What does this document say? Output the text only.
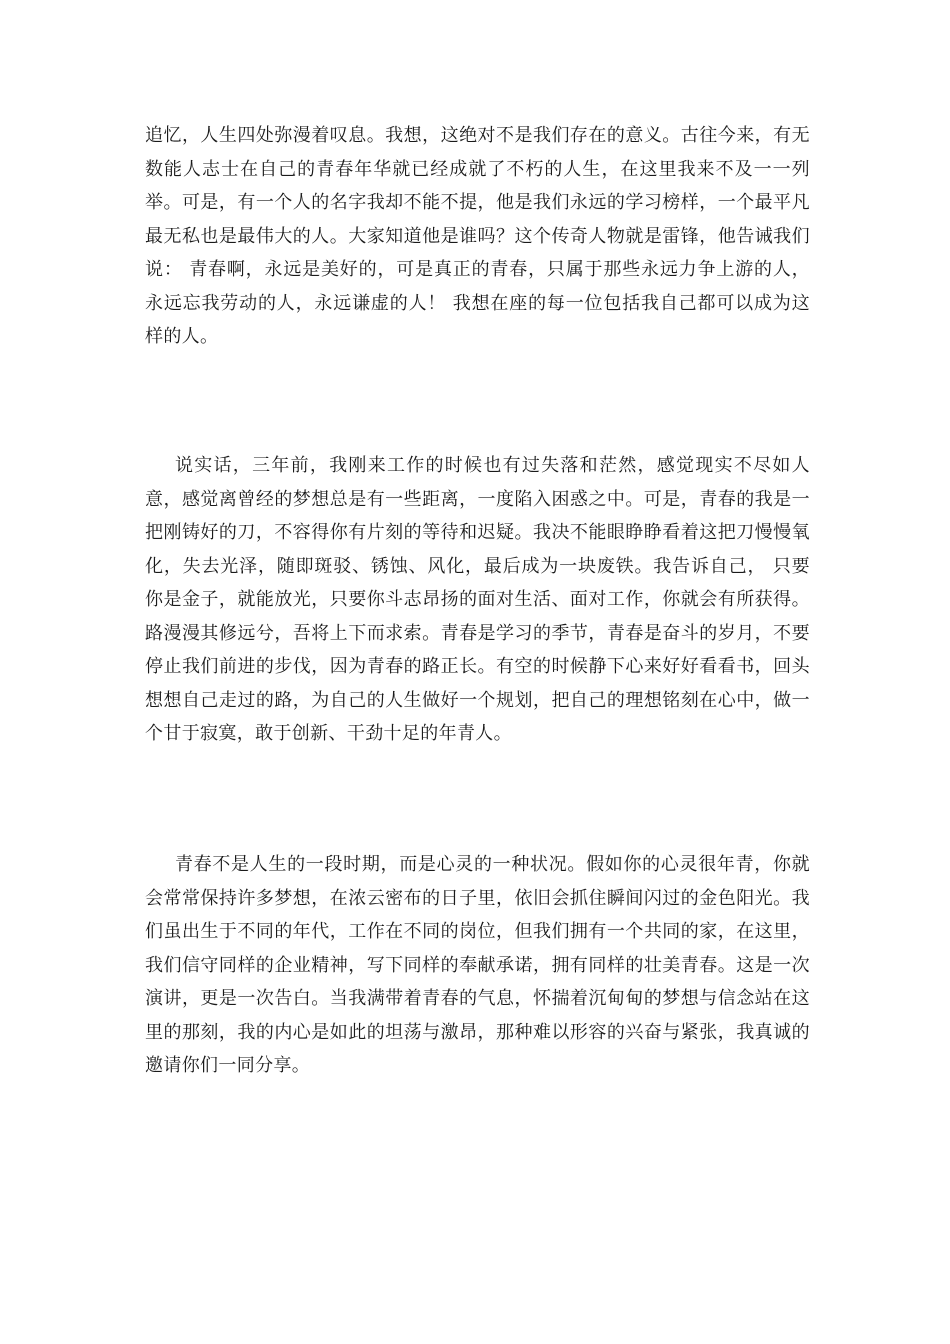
追忆，人生四处弥漫着叹息。我想，这绝对不是我们存在的意义。古往今来，有无数能人志士在自己的青春年华就已经成就了不朽的人生，在这里我来不及一一列举。可是，有一个人的名字我却不能不提，他是我们永远的学习榜样，一个最平凡最无私也是最伟大的人。大家知道他是谁吗？这个传奇人物就是雷锋，他告诫我们说： 青春啊，永远是美好的，可是真正的青春，只属于那些永远力争上游的人，永远忘我劳动的人，永远谦虚的人！ 我想在座的每一位包括我自己都可以成为这样的人。

说实话，三年前，我刚来工作的时候也有过失落和茫然，感觉现实不尽如人意，感觉离曾经的梦想总是有一些距离，一度陷入困惑之中。可是，青春的我是一把刚铸好的刀，不容得你有片刻的等待和迟疑。我决不能眼睁睁看着这把刀慢慢氧化，失去光泽，随即斑驳、锈蚀、风化，最后成为一块废铁。我告诉自己， 只要你是金子，就能放光，只要你斗志昂扬的面对生活、面对工作，你就会有所获得。 路漫漫其修远兮，吾将上下而求索。青春是学习的季节，青春是奋斗的岁月，不要停止我们前进的步伐，因为青春的路正长。有空的时候静下心来好好看看书，回头想想自己走过的路，为自己的人生做好一个规划，把自己的理想铭刻在心中，做一个甘于寂寞，敢于创新、干劲十足的年青人。

青春不是人生的一段时期，而是心灵的一种状况。假如你的心灵很年青，你就会常常保持许多梦想，在浓云密布的日子里，依旧会抓住瞬间闪过的金色阳光。我们虽出生于不同的年代，工作在不同的岗位，但我们拥有一个共同的家，在这里，我们信守同样的企业精神，写下同样的奉献承诺，拥有同样的壮美青春。这是一次演讲，更是一次告白。当我满带着青春的气息，怀揣着沉甸甸的梦想与信念站在这里的那刻，我的内心是如此的坦荡与激昂，那种难以形容的兴奋与紧张，我真诚的邀请你们一同分享。
